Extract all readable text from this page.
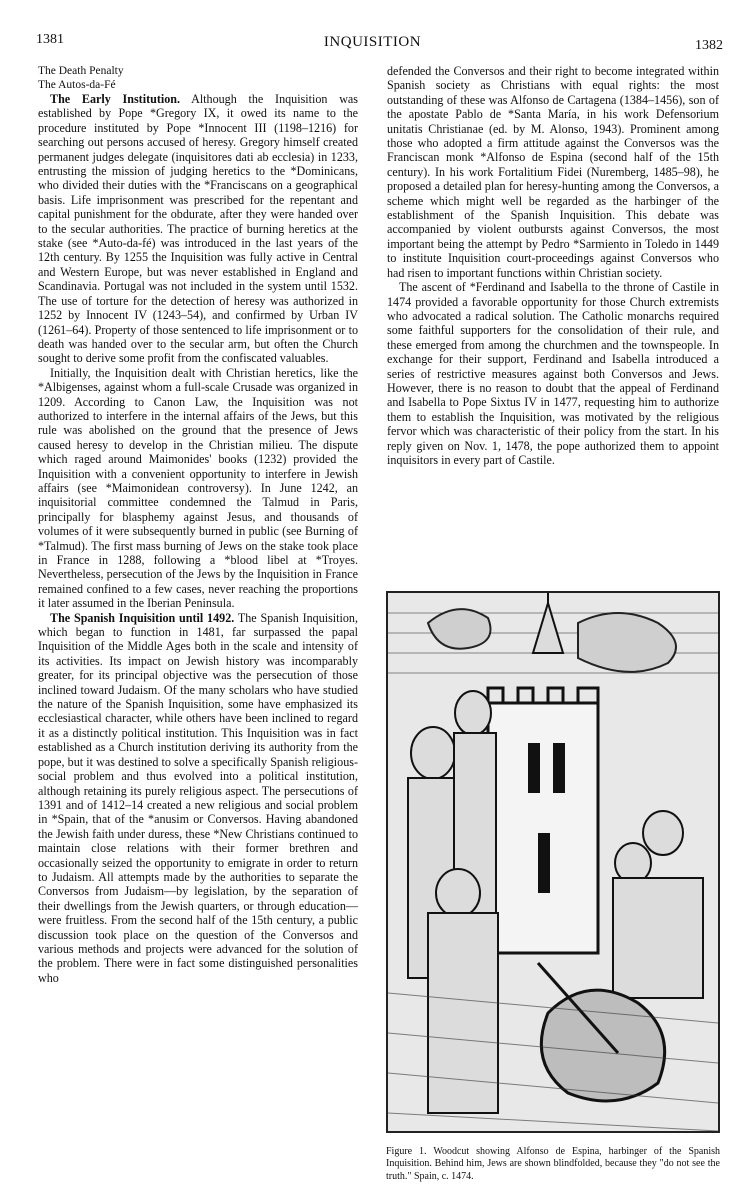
1381	INQUISITION	1382
The Death Penalty
The Autos-da-Fé

The Early Institution. Although the Inquisition was established by Pope *Gregory IX, it owed its name to the procedure instituted by Pope *Innocent III (1198–1216) for searching out persons accused of heresy. Gregory himself created permanent judges delegate (inquisitores dati ab ecclesia) in 1233, entrusting the mission of judging heretics to the *Dominicans, who divided their duties with the *Franciscans on a geographical basis. Life imprisonment was prescribed for the repentant and capital punishment for the obdurate, after they were handed over to the secular authorities. The practice of burning heretics at the stake (see *Auto-da-fé) was introduced in the last years of the 12th century. By 1255 the Inquisition was fully active in Central and Western Europe, but was never established in England and Scandinavia. Portugal was not included in the system until 1532. The use of torture for the detection of heresy was authorized in 1252 by Innocent IV (1243–54), and confirmed by Urban IV (1261–64). Property of those sentenced to life imprisonment or to death was handed over to the secular arm, but often the Church sought to derive some profit from the confiscated valuables.

Initially, the Inquisition dealt with Christian heretics, like the *Albigenses, against whom a full-scale Crusade was organized in 1209. According to Canon Law, the Inquisition was not authorized to interfere in the internal affairs of the Jews, but this rule was abolished on the ground that the presence of Jews caused heresy to develop in the Christian milieu. The dispute which raged around Maimonides' books (1232) provided the Inquisition with a convenient opportunity to interfere in Jewish affairs (see *Maimonidean controversy). In June 1242, an inquisitorial committee condemned the Talmud in Paris, principally for blasphemy against Jesus, and thousands of volumes of it were subsequently burned in public (see Burning of *Talmud). The first mass burning of Jews on the stake took place in France in 1288, following a *blood libel at *Troyes. Nevertheless, persecution of the Jews by the Inquisition in France remained confined to a few cases, never reaching the proportions it later assumed in the Iberian Peninsula.

The Spanish Inquisition until 1492. The Spanish Inquisition, which began to function in 1481, far surpassed the papal Inquisition of the Middle Ages both in the scale and intensity of its activities. Its impact on Jewish history was incomparably greater, for its principal objective was the persecution of those inclined toward Judaism. Of the many scholars who have studied the nature of the Spanish Inquisition, some have emphasized its ecclesiastical character, while others have been inclined to regard it as a distinctly political institution. This Inquisition was in fact established as a Church institution deriving its authority from the pope, but it was destined to solve a specifically Spanish religious-social problem and thus evolved into a political institution, although retaining its purely religious aspect. The persecutions of 1391 and of 1412–14 created a new religious and social problem in *Spain, that of the *anusim or Conversos. Having abandoned the Jewish faith under duress, these *New Christians continued to maintain close relations with their former brethren and occasionally seized the opportunity to emigrate in order to return to Judaism. All attempts made by the authorities to separate the Conversos from Judaism—by legislation, by the separation of their dwellings from the Jewish quarters, or through education—were fruitless. From the second half of the 15th century, a public discussion took place on the question of the Conversos and various methods and projects were advanced for the solution of the problem. There were in fact some distinguished personalities who

defended the Conversos and their right to become integrated within Spanish society as Christians with equal rights: the most outstanding of these was Alfonso de Cartagena (1384–1456), son of the apostate Pablo de *Santa María, in his work Defensorium unitatis Christianae (ed. by M. Alonso, 1943). Prominent among those who adopted a firm attitude against the Conversos was the Franciscan monk *Alfonso de Espina (second half of the 15th century). In his work Fortalitium Fidei (Nuremberg, 1485–98), he proposed a detailed plan for heresy-hunting among the Conversos, a scheme which might well be regarded as the harbinger of the establishment of the Spanish Inquisition. This debate was accompanied by violent outbursts against Conversos, the most important being the attempt by Pedro *Sarmiento in Toledo in 1449 to institute Inquisition court-proceedings against Conversos who had risen to important functions within Christian society.

The ascent of *Ferdinand and Isabella to the throne of Castile in 1474 provided a favorable opportunity for those Church extremists who advocated a radical solution. The Catholic monarchs required some faithful supporters for the consolidation of their rule, and these emerged from among the churchmen and the townspeople. In exchange for their support, Ferdinand and Isabella introduced a series of restrictive measures against both Conversos and Jews. However, there is no reason to doubt that the appeal of Ferdinand and Isabella to Pope Sixtus IV in 1477, requesting him to authorize them to establish the Inquisition, was motivated by the religious fervor which was characteristic of their policy from the start. In his reply given on Nov. 1, 1478, the pope authorized them to appoint inquisitors in every part of Castile.

Figure 1. Woodcut showing Alfonso de Espina, harbinger of the Spanish Inquisition. Behind him, Jews are shown blindfolded, because they "do not see the truth." Spain, c. 1474.
